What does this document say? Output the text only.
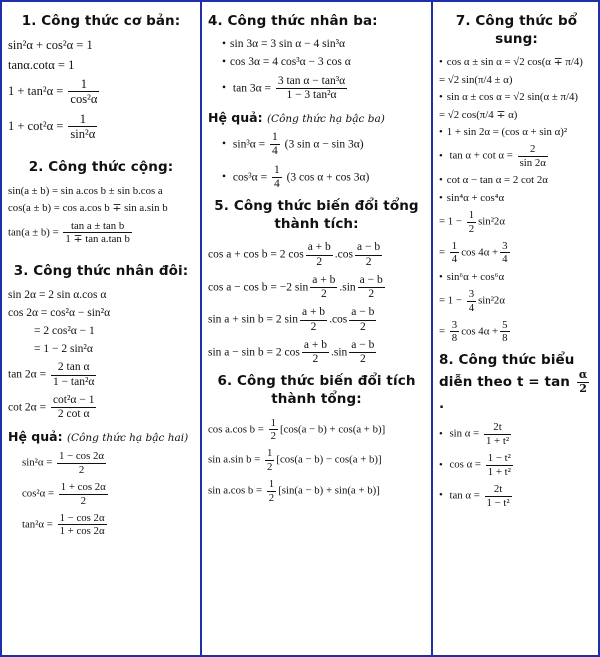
1. Công thức cơ bản:
sin²α + cos²α = 1
tanα.cotα = 1
$1 + \tan^2\alpha = \frac{1}{\text{cos²α}}$
$1 + \cot^2\alpha = \frac{1}{\text{sin²α}}$
2. Công thức cộng:
sin(a ± b) = sin a.cos b ± sin b.cos a
cos(a ± b) = cos a.cos b ∓ sin a.sin b
$\tan(a \pm b) = \frac{\text{tan a ± tan b}}{\text{1 ∓ tan a.tan b}}$
3. Công thức nhân đôi:
sin 2α = 2 sin α.cos α
cos 2α = cos²α − sin²α
= 2 cos²α − 1
= 1 − 2 sin²α
$\tan 2\alpha = \frac{\text{2 tan α}}{\text{1 − tan²α}}$
$\cot 2\alpha = \frac{\text{cot²α − 1}}{\text{2 cot α}}$
Hệ quả: (Công thức hạ bậc hai)
$\sin^2\alpha = \frac{1 - \cos 2\alpha}{2}$
$\cos^2\alpha = \frac{1 + \cos 2\alpha}{2}$
$\tan^2\alpha = \frac{1 - \cos 2\alpha}{1 + \cos 2\alpha}$
4. Công thức nhân ba:
• sin 3α = 3 sin α − 4 sin³α
• cos 3α = 4 cos³α − 3 cos α
• $\tan 3\alpha = \frac{\text{3 tan α − tan³α}}{\text{1 − 3 tan²α}}$
Hệ quả: (Công thức hạ bậc ba)
• $\sin^3\alpha = \frac{1}{4} (3$ sin α − sin 3α)
• $\cos^3\alpha = \frac{1}{4} (3$ cos α + cos 3α)
5. Công thức biến đổi tổng thành tích:
cos a + cos b = 2 $\cos \frac{a + b}{2} .\cos \frac{a - b}{2}$
cos a − cos b = −2 $\sin \frac{a + b}{2} .\sin \frac{a - b}{2}$
sin a + sin b = 2 $\sin \frac{a + b}{2} .\cos \frac{a - b}{2}$
sin a − sin b = 2 $\cos \frac{a + b}{2} .\sin \frac{a - b}{2}$
6. Công thức biến đổi tích thành tổng:
cos a.cos $b = \frac{1}{2} [\cos(a - b) + \cos(a + b)]$
sin a.sin $b = \frac{1}{2} [\cos(a - b) - \cos(a + b)]$
sin a.cos $b = \frac{1}{2} [\sin(a - b) + \sin(a + b)]$
7. Công thức bổ sung:
• cos α ± sin α = √2 cos(α ∓ π/4)
= √2 sin(π/4 ± α)
• sin α ± cos α = √2 sin(α ± π/4)
= √2 cos(π/4 ∓ α)
• 1 + sin 2α = (cos α + sin α)²
• $\tan \alpha + \cot \alpha = \frac{2}{\sin 2\alpha}$
• cot α − tan α = 2 cot 2α
• sin⁴α + cos⁴α
= $1 - \frac{1}{2} \sin^22\alpha$
= $\frac{1}{4}$ $\cos 4\alpha + \frac{3}{4}$
• sin⁶α + cos⁶α
= $1 - \frac{3}{4} \sin^22\alpha$
= $\frac{3}{8}$ $\cos 4\alpha + \frac{5}{8}$
8. Công thức biểu diễn theo $t = \tan \frac{\alpha}{2}$
.
• $\sin \alpha = \frac{2t}{\text{1 + t²}}$
• $\cos \alpha = \frac{\text{1 − t²}}{\text{1 + t²}}$
• $\tan \alpha = \frac{2t}{\text{1 − t²}}$
